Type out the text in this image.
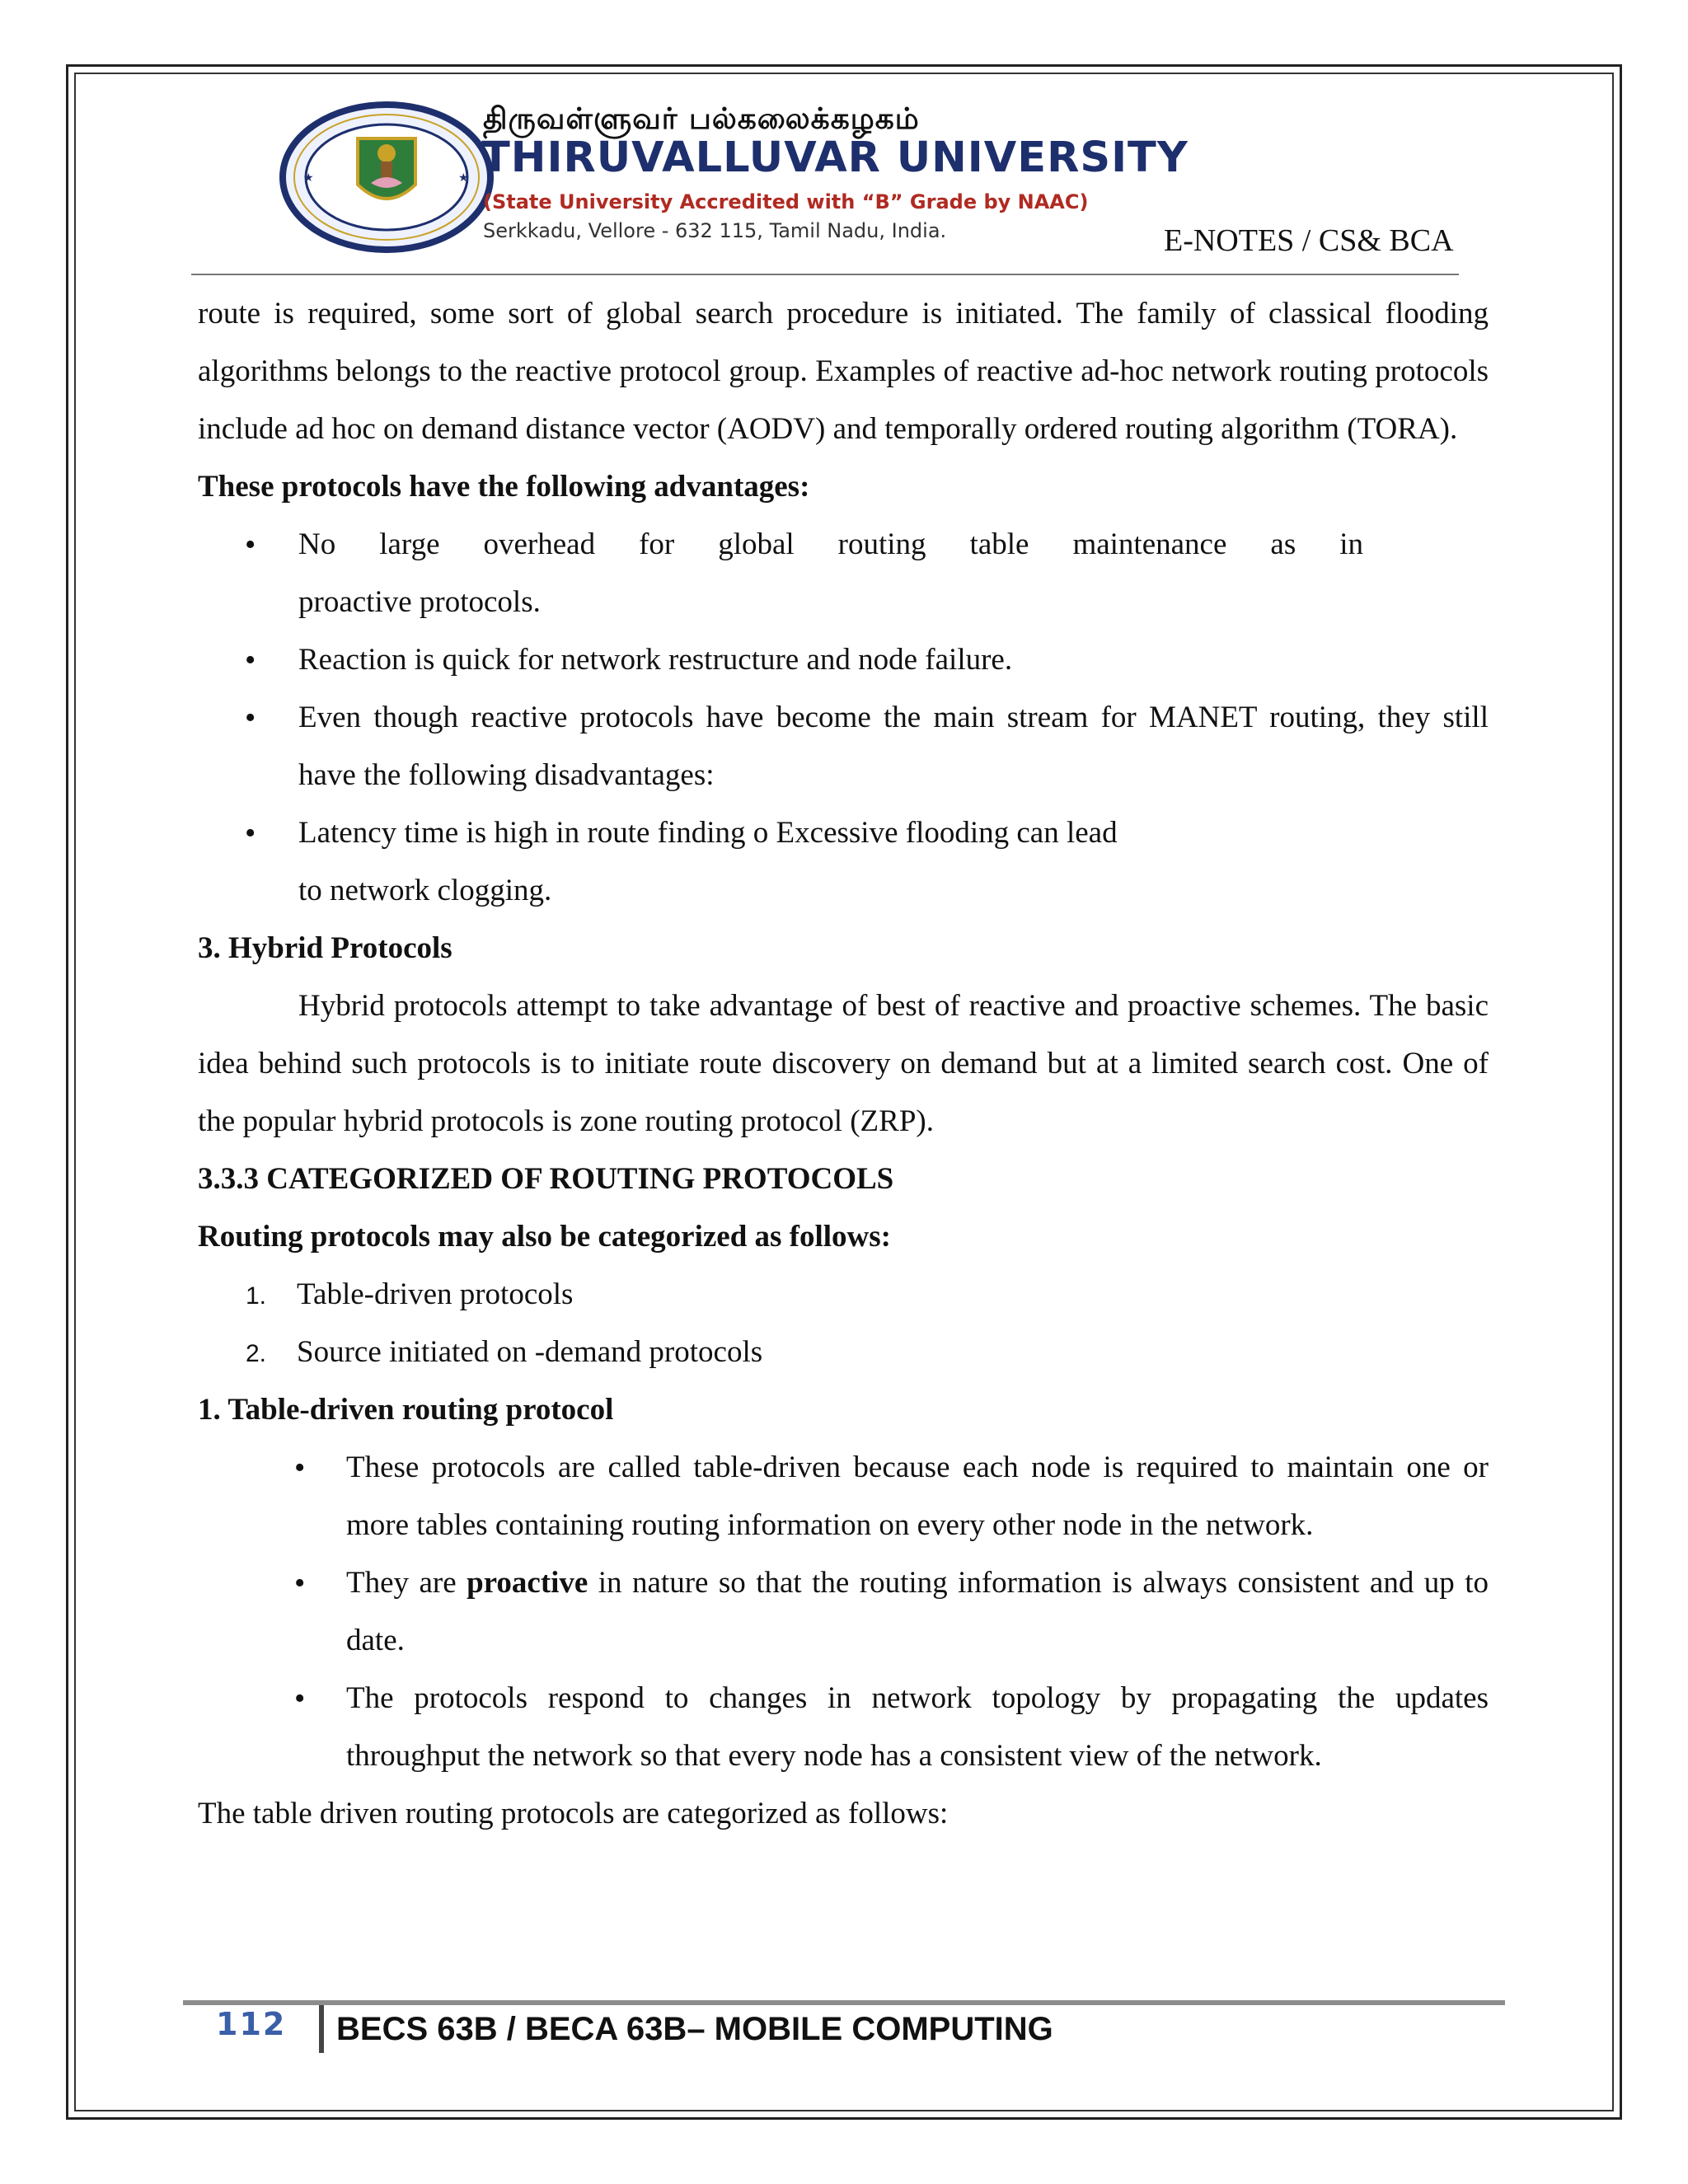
★	★
திருவள்ளுவர் பல்கலைக்கழகம்
THIRUVALLUVAR UNIVERSITY
(State University Accredited with “B” Grade by NAAC)
Serkkadu, Vellore - 632 115, Tamil Nadu, India.	E-NOTES / CS& BCA

route is required, some sort of global search procedure is initiated. The family of classical flooding algorithms belongs to the reactive protocol group. Examples of reactive ad-hoc network routing protocols include ad hoc on demand distance vector (AODV) and temporally ordered routing algorithm (TORA).

These protocols have the following advantages:

• No large overhead for global routing table maintenance as in
proactive protocols.
• Reaction is quick for network restructure and node failure.
• Even though reactive protocols have become the main stream for MANET routing, they still have the following disadvantages:
• Latency time is high in route finding o Excessive flooding can lead
to network clogging.

3. Hybrid Protocols

Hybrid protocols attempt to take advantage of best of reactive and proactive schemes. The basic idea behind such protocols is to initiate route discovery on demand but at a limited search cost. One of the popular hybrid protocols is zone routing protocol (ZRP).

3.3.3 CATEGORIZED OF ROUTING PROTOCOLS

Routing protocols may also be categorized as follows:

1. Table-driven protocols
2. Source initiated on -demand protocols

1. Table-driven routing protocol

• These protocols are called table-driven because each node is required to maintain one or more tables containing routing information on every other node in the network.
• They are proactive in nature so that the routing information is always consistent and up to date.
• The protocols respond to changes in network topology by propagating the updates throughput the network so that every node has a consistent view of the network.

The table driven routing protocols are categorized as follows:

112 BECS 63B / BECA 63B– MOBILE COMPUTING
